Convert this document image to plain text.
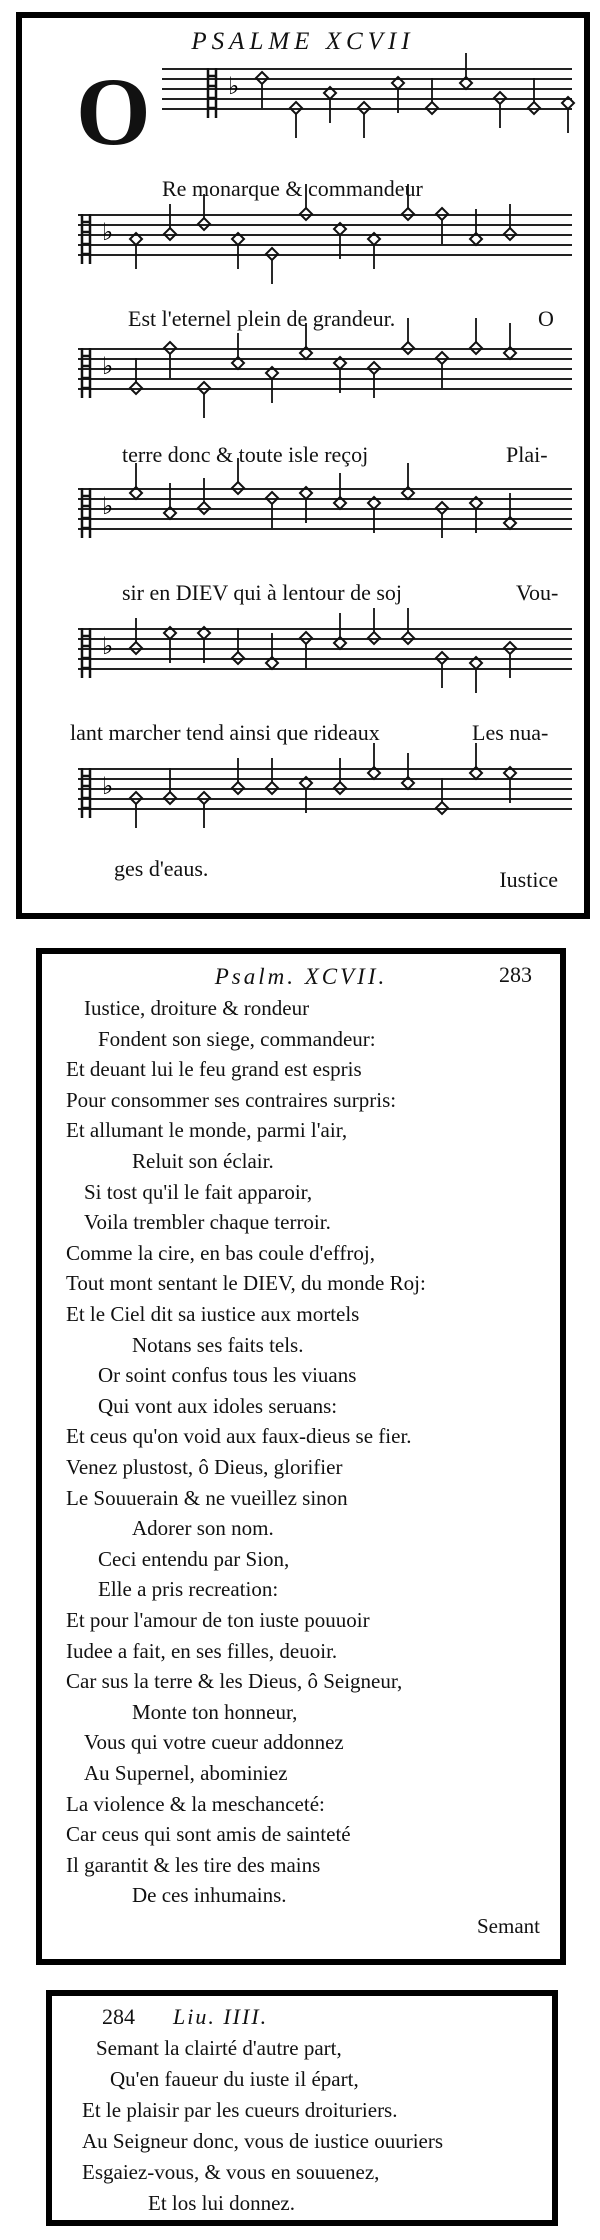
PSALME XCVII
O	♭
Re monarque & commandeur
♭
Est l'eternel plein de grandeur.	O
♭
terre donc & toute isle reçoj	Plai-
♭
sir en DIEV qui à lentour de soj	Vou-
♭
lant marcher tend ainsi que rideaux	Les nua-
♭
ges d'eaus.	Iustice
Psalm. XCVII.	283
Iustice, droiture & rondeur
Fondent son siege, commandeur:
Et deuant lui le feu grand est espris
Pour consommer ses contraires surpris:
Et allumant le monde, parmi l'air,
Reluit son éclair.
Si tost qu'il le fait apparoir,
Voila trembler chaque terroir.
Comme la cire, en bas coule d'effroj,
Tout mont sentant le DIEV, du monde Roj:
Et le Ciel dit sa iustice aux mortels
Notans ses faits tels.
Or soint confus tous les viuans
Qui vont aux idoles seruans:
Et ceus qu'on void aux faux-dieus se fier.
Venez plustost, ô Dieus, glorifier
Le Souuerain & ne vueillez sinon
Adorer son nom.
Ceci entendu par Sion,
Elle a pris recreation:
Et pour l'amour de ton iuste pouuoir
Iudee a fait, en ses filles, deuoir.
Car sus la terre & les Dieus, ô Seigneur,
Monte ton honneur,
Vous qui votre cueur addonnez
Au Supernel, abominiez
La violence & la meschanceté:
Car ceus qui sont amis de sainteté
Il garantit & les tire des mains
De ces inhumains.
Semant
284 Liu. IIII.
Semant la clairté d'autre part,
Qu'en faueur du iuste il épart,
Et le plaisir par les cueurs droituriers.
Au Seigneur donc, vous de iustice ouuriers
Esgaiez-vous, & vous en souuenez,
Et los lui donnez.
